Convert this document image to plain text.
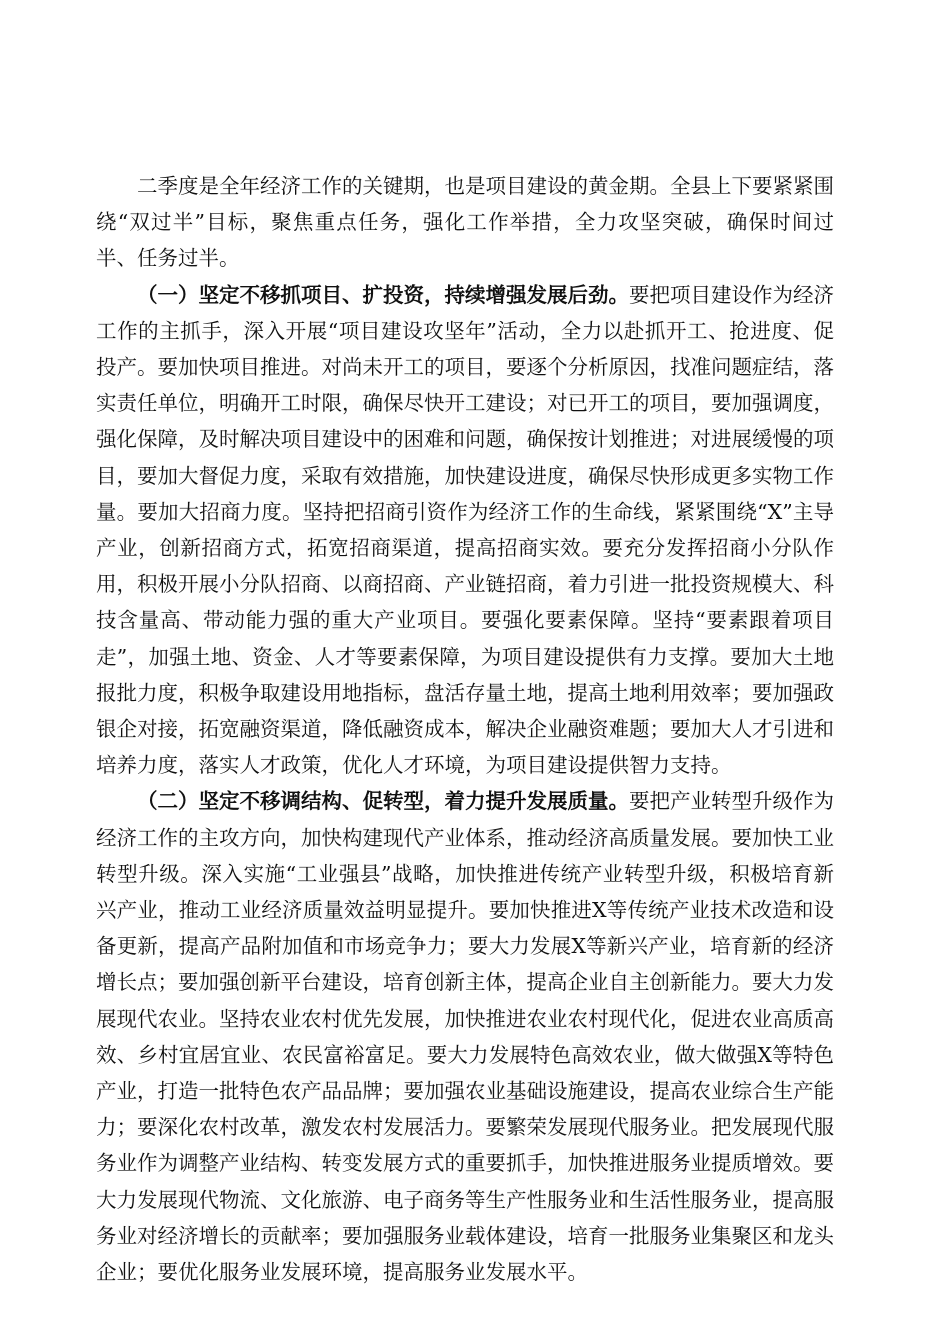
二季度是全年经济工作的关键期，也是项目建设的黄金期。全县上下要紧紧围绕“双过半”目标，聚焦重点任务，强化工作举措，全力攻坚突破，确保时间过半、任务过半。

（一）坚定不移抓项目、扩投资，持续增强发展后劲。要把项目建设作为经济工作的主抓手，深入开展“项目建设攻坚年”活动，全力以赴抓开工、抢进度、促投产。要加快项目推进。对尚未开工的项目，要逐个分析原因，找准问题症结，落实责任单位，明确开工时限，确保尽快开工建设；对已开工的项目，要加强调度，强化保障，及时解决项目建设中的困难和问题，确保按计划推进；对进展缓慢的项目，要加大督促力度，采取有效措施，加快建设进度，确保尽快形成更多实物工作量。要加大招商力度。坚持把招商引资作为经济工作的生命线，紧紧围绕“X”主导产业，创新招商方式，拓宽招商渠道，提高招商实效。要充分发挥招商小分队作用，积极开展小分队招商、以商招商、产业链招商，着力引进一批投资规模大、科技含量高、带动能力强的重大产业项目。要强化要素保障。坚持“要素跟着项目走”，加强土地、资金、人才等要素保障，为项目建设提供有力支撑。要加大土地报批力度，积极争取建设用地指标，盘活存量土地，提高土地利用效率；要加强政银企对接，拓宽融资渠道，降低融资成本，解决企业融资难题；要加大人才引进和培养力度，落实人才政策，优化人才环境，为项目建设提供智力支持。

（二）坚定不移调结构、促转型，着力提升发展质量。要把产业转型升级作为经济工作的主攻方向，加快构建现代产业体系，推动经济高质量发展。要加快工业转型升级。深入实施“工业强县”战略，加快推进传统产业转型升级，积极培育新兴产业，推动工业经济质量效益明显提升。要加快推进X等传统产业技术改造和设备更新，提高产品附加值和市场竞争力；要大力发展X等新兴产业，培育新的经济增长点；要加强创新平台建设，培育创新主体，提高企业自主创新能力。要大力发展现代农业。坚持农业农村优先发展，加快推进农业农村现代化，促进农业高质高效、乡村宜居宜业、农民富裕富足。要大力发展特色高效农业，做大做强X等特色产业，打造一批特色农产品品牌；要加强农业基础设施建设，提高农业综合生产能力；要深化农村改革，激发农村发展活力。要繁荣发展现代服务业。把发展现代服务业作为调整产业结构、转变发展方式的重要抓手，加快推进服务业提质增效。要大力发展现代物流、文化旅游、电子商务等生产性服务业和生活性服务业，提高服务业对经济增长的贡献率；要加强服务业载体建设，培育一批服务业集聚区和龙头企业；要优化服务业发展环境，提高服务业发展水平。
